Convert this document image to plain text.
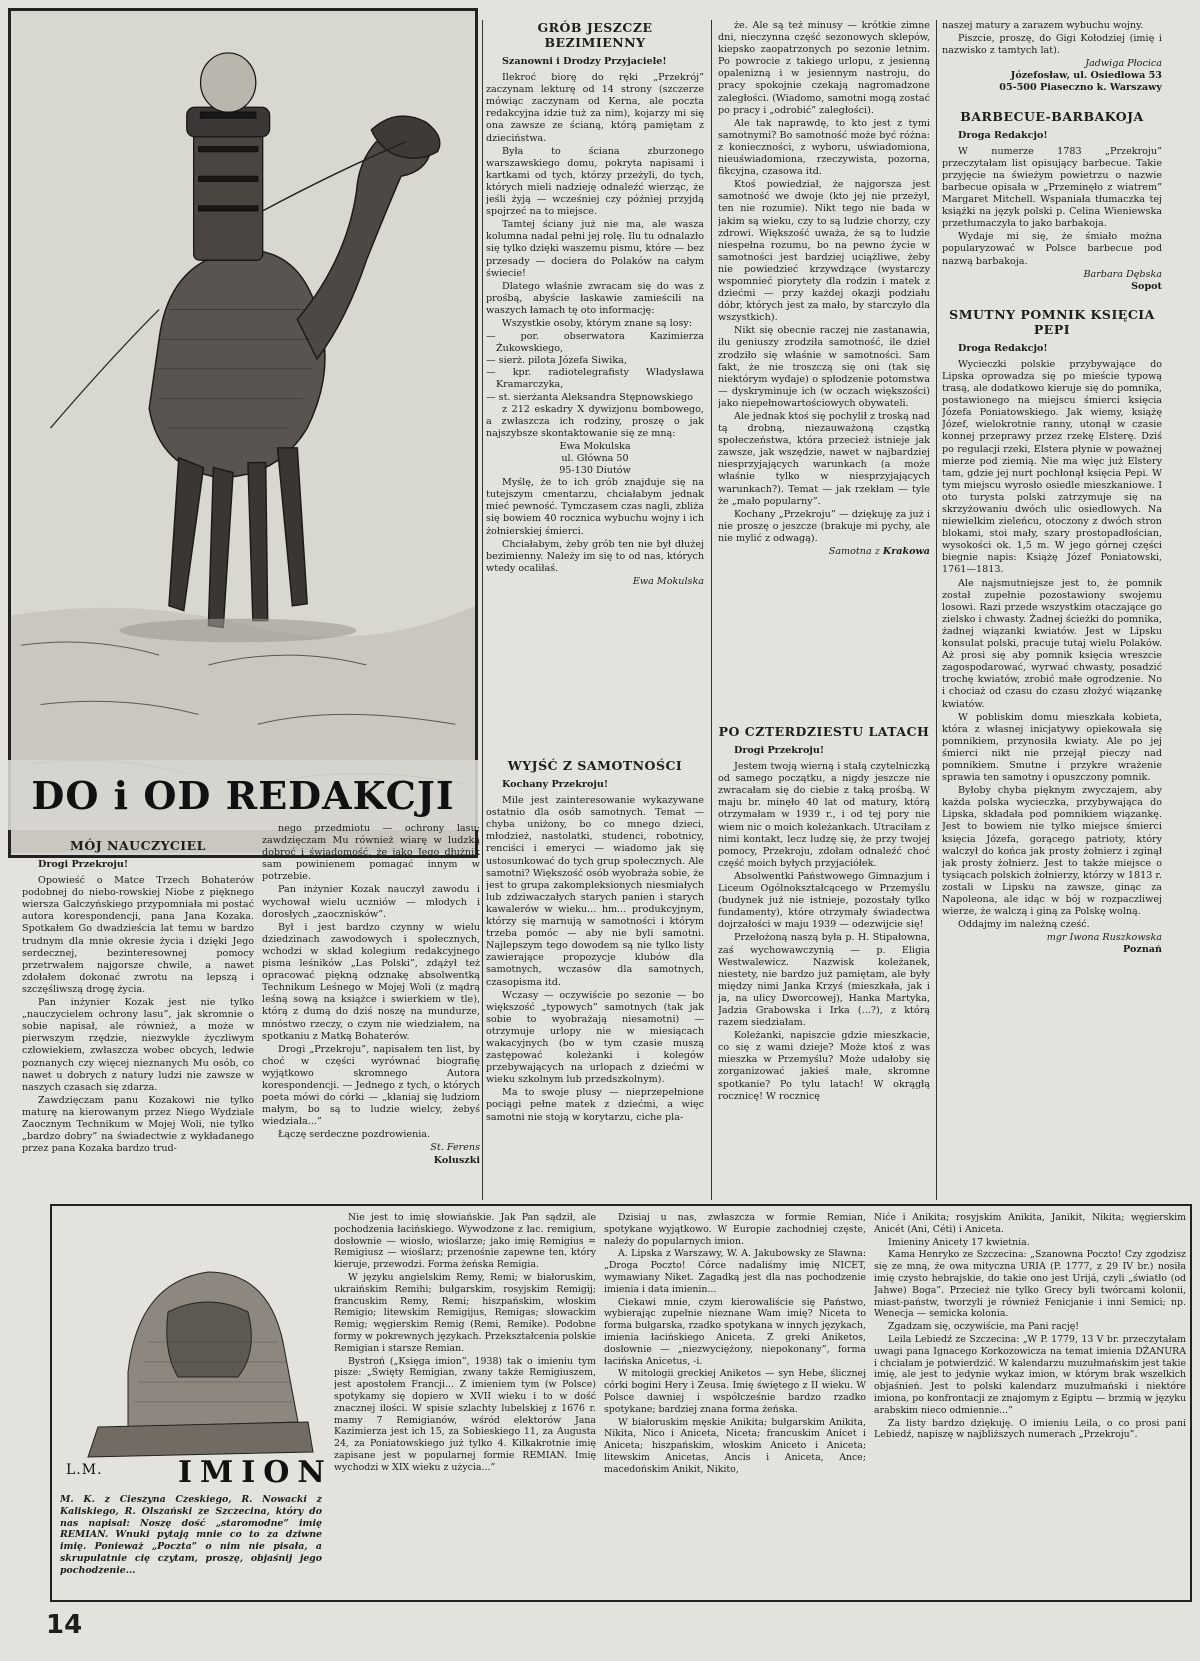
DO i OD REDAKCJI
MÓJ NAUCZYCIEL
Drogi Przekroju!

Opowieść o Matce Trzech Bohaterów podobnej do niebo-rowskiej Niobe z pięknego wiersza Gałczyńskiego przypomniała mi postać autora korespondencji, pana Jana Kozaka. Spotkałem Go dwadzieścia lat temu w bardzo trudnym dla mnie okresie życia i dzięki Jego serdecznej, bezinteresownej pomocy przetrwałem najgorsze chwile, a nawet zdołałem dokonać zwrotu na lepszą i szczęśliwszą drogę życia.

Pan inżynier Kozak jest nie tylko „nauczycielem ochrony lasu”, jak skromnie o sobie napisał, ale również, a może w pierwszym rzędzie, niezwykle życzliwym człowiekiem, zwłaszcza wobec obcych, ledwie poznanych czy więcej nieznanych Mu osób, co nawet u dobrych z natury ludzi nie zawsze w naszych czasach się zdarza.

Zawdzięczam panu Kozakowi nie tylko maturę na kierowanym przez Niego Wydziale Zaocznym Technikum w Mojej Woli, nie tylko „bardzo dobry” na świadectwie z wykładanego przez pana Kozaka bardzo trud-

nego przedmiotu — ochrony lasu; zawdzięczam Mu również wiarę w ludzką dobroć i świadomość, że jako Jego dłużnik sam powinienem pomagać innym w potrzebie.

Pan inżynier Kozak nauczył zawodu i wychował wielu uczniów — młodych i dorosłych „zaocznisków”.

Był i jest bardzo czynny w wielu dziedzinach zawodowych i społecznych, wchodzi w skład kolegium redakcyjnego pisma leśników „Las Polski”, zdążył też opracować piękną odznakę absolwentką Technikum Leśnego w Mojej Woli (z mądrą leśną sową na książce i swierkiem w tle), którą z dumą do dziś noszę na mundurze, mnóstwo rzeczy, o czym nie wiedziałem, na spotkaniu z Matką Bohaterów.

Drogi „Przekroju”, napisałem ten list, by choć w części wyrównać biografię wyjątkowo skromnego Autora korespondencji. — Jednego z tych, o których poeta mówi do córki — „kłaniaj się ludziom małym, bo są to ludzie wielcy, żebyś wiedziała...”

Łączę serdeczne pozdrowienia.

St. Ferens
Koluszki
GRÓB JESZCZE BEZIMIENNY
Szanowni i Drodzy Przyjaciele!

Ilekroć biorę do ręki „Przekrój” zaczynam lekturę od 14 strony (szczerze mówiąc zaczynam od Kerna, ale poczta redakcyjna idzie tuż za nim), kojarzy mi się ona zawsze ze ścianą, którą pamiętam z dzieciństwa.

Była to ściana zburzonego warszawskiego domu, pokryta napisami i kartkami od tych, którzy przeżyli, do tych, których mieli nadzieję odnaleźć wierząc, że jeśli żyją — wcześniej czy później przyjdą spojrzeć na to miejsce.

Tamtej ściany już nie ma, ale wasza kolumna nadal pełni jej rolę. Ilu tu odnalazło się tylko dzięki waszemu pismu, które — bez przesady — dociera do Polaków na całym świecie!

Dlatego właśnie zwracam się do was z prośbą, abyście łaskawie zamieścili na waszych łamach tę oto informację:

Wszystkie osoby, którym znane są losy:

— por. obserwatora Kazimierza Żukowskiego,
— sierż. pilota Józefa Siwika,
— kpr. radiotelegrafisty Władysława Kramarczyka,
— st. sierżanta Aleksandra Stępnowskiego

z 212 eskadry X dywizjonu bombowego, a zwłaszcza ich rodziny, proszę o jak najszybsze skontaktowanie się ze mną:

Ewa Mokulska
ul. Główna 50
95-130 Diutów

Myślę, że to ich grób znajduje się na tutejszym cmentarzu, chciałabym jednak mieć pewność. Tymczasem czas nagli, zbliża się bowiem 40 rocznica wybuchu wojny i ich żołnierskiej śmierci.

Chciałabym, żeby grób ten nie był dłużej bezimienny. Należy im się to od nas, których wtedy ocaliłaś.

Ewa Mokulska
WYJŚĆ Z SAMOTNOŚCI
Kochany Przekroju!

Mile jest zainteresowanie wykazywane ostatnio dla osób samotnych. Temat — chyba uniżony, bo co mnego dzieci, młodzież, nastolatki, studenci, robotnicy, renciści i emeryci — wiadomo jak się ustosunkować do tych grup społecznych. Ale samotni? Większość osób wyobraża sobie, że jest to grupa zakompleksionych niesmiałych lub zdziwaczałych starych panien i starych kawalerów w wieku... hm... produkcyjnym, którzy się marnują w samotności i którym trzeba pomóc — aby nie byli samotni. Najlepszym tego dowodem są nie tylko listy zawierające propozycje klubów dla samotnych, wczasów dla samotnych, czasopisma itd.

Wczasy — oczywiście po sezonie — bo większość „typowych” samotnych (tak jak sobie to wyobrażają niesamotni) — otrzymuje urlopy nie w miesiącach wakacyjnych (bo w tym czasie muszą zastępować koleżanki i kolegów przebywających na urlopach z dziećmi w wieku szkolnym lub przedszkolnym).

Ma to swoje plusy — nieprzepełnione pociągi pełne matek z dziećmi, a więc samotni nie stoją w korytarzu, ciche pla-

że. Ale są też minusy — krótkie zimne dni, nieczynna część sezonowych sklepów, kiepsko zaopatrzonych po sezonie letnim. Po powrocie z takiego urlopu, z jesienną opalenizną i w jesiennym nastroju, do pracy spokojnie czekają nagromadzone zaległości. (Wiadomo, samotni mogą zostać po pracy i „odrobić” zaległości).

Ale tak naprawdę, to kto jest z tymi samotnymi? Bo samotność może być różna: z konieczności, z wyboru, uświadomiona, nieuświadomiona, rzeczywista, pozorna, fikcyjna, czasowa itd.

Ktoś powiedział, że najgorsza jest samotność we dwoje (kto jej nie przeżył, ten nie rozumie). Nikt tego nie bada w jakim są wieku, czy to są ludzie chorzy, czy zdrowi. Większość uważa, że są to ludzie niespełna rozumu, bo na pewno życie w samotności jest bardziej uciążliwe, żeby nie powiedzieć krzywdzące (wystarczy wspomnieć piorytety dla rodzin i matek z dziećmi — przy każdej okazji podziału dóbr, których jest za mało, by starczyło dla wszystkich).

Nikt się obecnie raczej nie zastanawia, ilu geniuszy zrodziła samotność, ile dzieł zrodziło się właśnie w samotności. Sam fakt, że nie troszczą się oni (tak się niektórym wydaje) o spłodzenie potomstwa — dyskryminuje ich (w oczach większości) jako niepełnowartościowych obywateli.

Ale jednak ktoś się pochylił z troską nad tą drobną, niezauważoną cząstką społeczeństwa, która przecież istnieje jak zawsze, jak wszędzie, nawet w najbardziej niesprzyjających warunkach (a może właśnie tylko w niesprzyjających warunkach?). Temat — jak rzekłam — tyle że „mało popularny”.

Kochany „Przekroju” — dziękuję za już i nie proszę o jeszcze (brakuje mi pychy, ale nie mylić z odwagą).

Samotna z Krakowa
PO CZTERDZIESTU LATACH
Drogi Przekroju!

Jestem twoją wierną i stałą czytelniczką od samego początku, a nigdy jeszcze nie zwracałam się do ciebie z taką prośbą. W maju br. minęło 40 lat od matury, którą otrzymałam w 1939 r., i od tej pory nie wiem nic o moich koleżankach. Utraciłam z nimi kontakt, lecz ludzę się, że przy twojej pomocy, Przekroju, zdołam odnaleźć choć część moich byłych przyjaciółek.

Absolwentki Państwowego Gimnazjum i Liceum Ogólnokształcącego w Przemyślu (budynek już nie istnieje, pozostały tylko fundamenty), które otrzymały świadectwa dojrzałości w maju 1939 — odezwijcie się!

Przełożoną naszą była p. H. Stipałowna, zaś wychowawczynią — p. Eligia Westwalewicz. Nazwisk koleżanek, niestety, nie bardzo już pamiętam, ale były między nimi Janka Krzyś (mieszkała, jak i ja, na ulicy Dworcowej), Hanka Martyka, Jadzia Grabowska i Irka (...?), z którą razem siedziałam.

Koleżanki, napiszcie gdzie mieszkacie, co się z wami dzieje? Może ktoś z was mieszka w Przemyślu? Może udałoby się zorganizować jakieś małe, skromne spotkanie? Po tylu latach! W okrągłą rocznicę! W rocznicę

naszej matury a zarazem wybuchu wojny.

Piszcie, proszę, do Gigi Kołodziej (imię i nazwisko z tamtych lat).

Jadwiga Płocica
Józefosław, ul. Osiedlowa 53
05-500 Piaseczno k. Warszawy
BARBECUE-BARBAKOJA
Droga Redakcjo!

W numerze 1783 „Przekroju” przeczytałam list opisujący barbecue. Takie przyjęcie na świeżym powietrzu o nazwie barbecue opisała w „Przeminęło z wiatrem” Margaret Mitchell. Wspaniała tłumaczka tej książki na język polski p. Celina Wieniewska przetłumaczyła to jako barbakoja.

Wydaje mi się, że śmiało można popularyzować w Polsce barbecue pod nazwą barbakoja.

Barbara Dębska
Sopot
SMUTNY POMNIK KSIĘCIA PEPI
Droga Redakcjo!

Wycieczki polskie przybywające do Lipska oprowadza się po mieście typową trasą, ale dodatkowo kieruje się do pomnika, postawionego na miejscu śmierci księcia Józefa Poniatowskiego. Jak wiemy, książę Józef, wielokrotnie ranny, utonął w czasie konnej przeprawy przez rzekę Elsterę. Dziś po regulacji rzeki, Elstera płynie w poważnej mierze pod ziemią. Nie ma więc już Elstery tam, gdzie jej nurt pochłonął księcia Pepi. W tym miejscu wyrosło osiedle mieszkaniowe. I oto turysta polski zatrzymuje się na skrzyżowaniu dwóch ulic osiedlowych. Na niewielkim zieleńcu, otoczony z dwóch stron blokami, stoi mały, szary prostopadłościan, wysokości ok. 1,5 m. W jego górnej części biegnie napis: Książę Józef Poniatowski, 1761—1813.

Ale najsmutniejsze jest to, że pomnik został zupełnie pozostawiony swojemu losowi. Razi przede wszystkim otaczające go zielsko i chwasty. Żadnej ścieżki do pomnika, żadnej wiązanki kwiatów. Jest w Lipsku konsulat polski, pracuje tutaj wielu Polaków. Aż prosi się aby pomnik księcia wreszcie zagospodarować, wyrwać chwasty, posadzić trochę kwiatów, zrobić małe ogrodzenie. No i chociaż od czasu do czasu złożyć wiązankę kwiatów.

W pobliskim domu mieszkała kobieta, która z własnej inicjatywy opiekowała się pomnikiem, przynosiła kwiaty. Ale po jej śmierci nikt nie przejął pieczy nad pomnikiem. Smutne i przykre wrażenie sprawia ten samotny i opuszczony pomnik.

Byłoby chyba pięknym zwyczajem, aby każda polska wycieczka, przybywająca do Lipska, składała pod pomnikiem wiązankę. Jest to bowiem nie tylko miejsce śmierci księcia Józefa, gorącego patrioty, który walczył do końca jak prosty żołnierz i zginął jak prosty żołnierz. Jest to także miejsce o tysiącach polskich żołnierzy, którzy w 1813 r. zostali w Lipsku na zawsze, ginąc za Napoleona, ale idąc w bój w rozpaczliwej wierze, że walczą i giną za Polskę wolną.

Oddajmy im należną cześć.

mgr Iwona Ruszkowska
Poznań
L.M.	IMION

M. K. z Cieszyna Czeskiego, R. Nowacki z Kaliskiego, R. Olszański ze Szczecina, który do nas napisał: Noszę dość „staromodne” imię REMIAN. Wnuki pytają mnie co to za dziwne imię. Ponieważ „Poczta” o nim nie pisała, a skrupulatnie cię czytam, proszę, objaśnij jego pochodzenie...

Nie jest to imię słowiańskie. Jak Pan sądził, ale pochodzenia łacińskiego. Wywodzone z łac. remigium, dosłownie — wiosło, wioślarze; jako imię Remigius = Remigiusz — wioślarz; przenośnie zapewne ten, który kieruje, przewodzi. Forma żeńska Remigia.

W języku angielskim Remy, Remi; w białoruskim, ukraińskim Remihi; bułgarskim, rosyjskim Remigij; francuskim Remy, Remi; hiszpańskim, włoskim Remigio; litewskim Remigijus, Remigas; słowackim Remig; węgierskim Remig (Remi, Remike). Podobne formy w pokrewnych językach. Przekształcenia polskie Remigian i starsze Remian.

Bystroń („Księga imion”, 1938) tak o imieniu tym pisze: „Święty Remigian, zwany także Remigiuszem, jest apostołem Francji... Z imieniem tym (w Polsce) spotykamy się dopiero w XVII wieku i to w dość znacznej ilości. W spisie szlachty lubelskiej z 1676 r. mamy 7 Remigianów, wśród elektorów Jana Kazimierza jest ich 15, za Sobieskiego 11, za Augusta 24, za Poniatowskiego już tylko 4. Kilkakrotnie imię zapisane jest w popularnej formie REMIAN. Imię wychodzi w XIX wieku z użycia...”

Dzisiaj u nas, zwłaszcza w formie Remian, spotykane wyjątkowo. W Europie zachodniej częste, należy do popularnych imion.

A. Lipska z Warszawy, W. A. Jakubowsky ze Sławna: „Droga Poczto! Córce nadaliśmy imię NICET, wymawiany Niket. Zagadką jest dla nas pochodzenie imienia i data imienin...

Ciekawi mnie, czym kierowaliście się Państwo, wybierając zupełnie nieznane Wam imię? Niceta to forma bułgarska, rzadko spotykana w innych językach, imienia łacińskiego Aniceta. Z greki Aniketos, dosłownie — „niezwyciężony, niepokonany”, forma łacińska Anicetus, -i.

W mitologii greckiej Aniketos — syn Hebe, ślicznej córki bogini Hery i Zeusa. Imię świętego z II wieku. W Polsce dawniej i współcześnie bardzo rzadko spotykane; bardziej znana forma żeńska.

W białoruskim męskie Anikita; bułgarskim Anikita, Nikita, Nico i Aniceta, Niceta; francuskim Anicet i Aniceta; hiszpańskim, włoskim Aniceto i Aniceta; litewskim Anicetas, Ancis i Aniceta, Ance; macedońskim Anikit, Nikito,

Niće i Anikita; rosyjskim Anikita, Janikit, Nikita; węgierskim Anicét (Ani, Céti) i Aniceta.

Imieniny Anicety 17 kwietnia.

Kama Henryko ze Szczecina: „Szanowna Poczto! Czy zgodzisz się ze mną, że owa mityczna URIA (P. 1777, z 29 IV br.) nosiła imię czysto hebrajskie, do takie ono jest Urijá, czyli „światło (od Jahwe) Boga”. Przecież nie tylko Grecy byli twórcami kolonii, miast-państw, tworzyli je również Fenicjanie i inni Semici; np. Wenecja — semicka kolonia.

Zgadzam się, oczywiście, ma Pani rację!

Leila Lebiedź ze Szczecina: „W P. 1779, 13 V br. przeczytałam uwagi pana Ignacego Korkozowicza na temat imienia DŻANURA i chciałam je potwierdzić. W kalendarzu muzułmańskim jest takie imię, ale jest to jedynie wykaz imion, w którym brak wszelkich objaśnień. Jest to polski kalendarz muzułmański i niektóre imiona, po konfrontacji ze znajomym z Egiptu — brzmią w języku arabskim nieco odmiennie...”

Za listy bardzo dziękuję. O imieniu Leila, o co prosi pani Lebiedź, napiszę w najbliższych numerach „Przekroju”.

14
